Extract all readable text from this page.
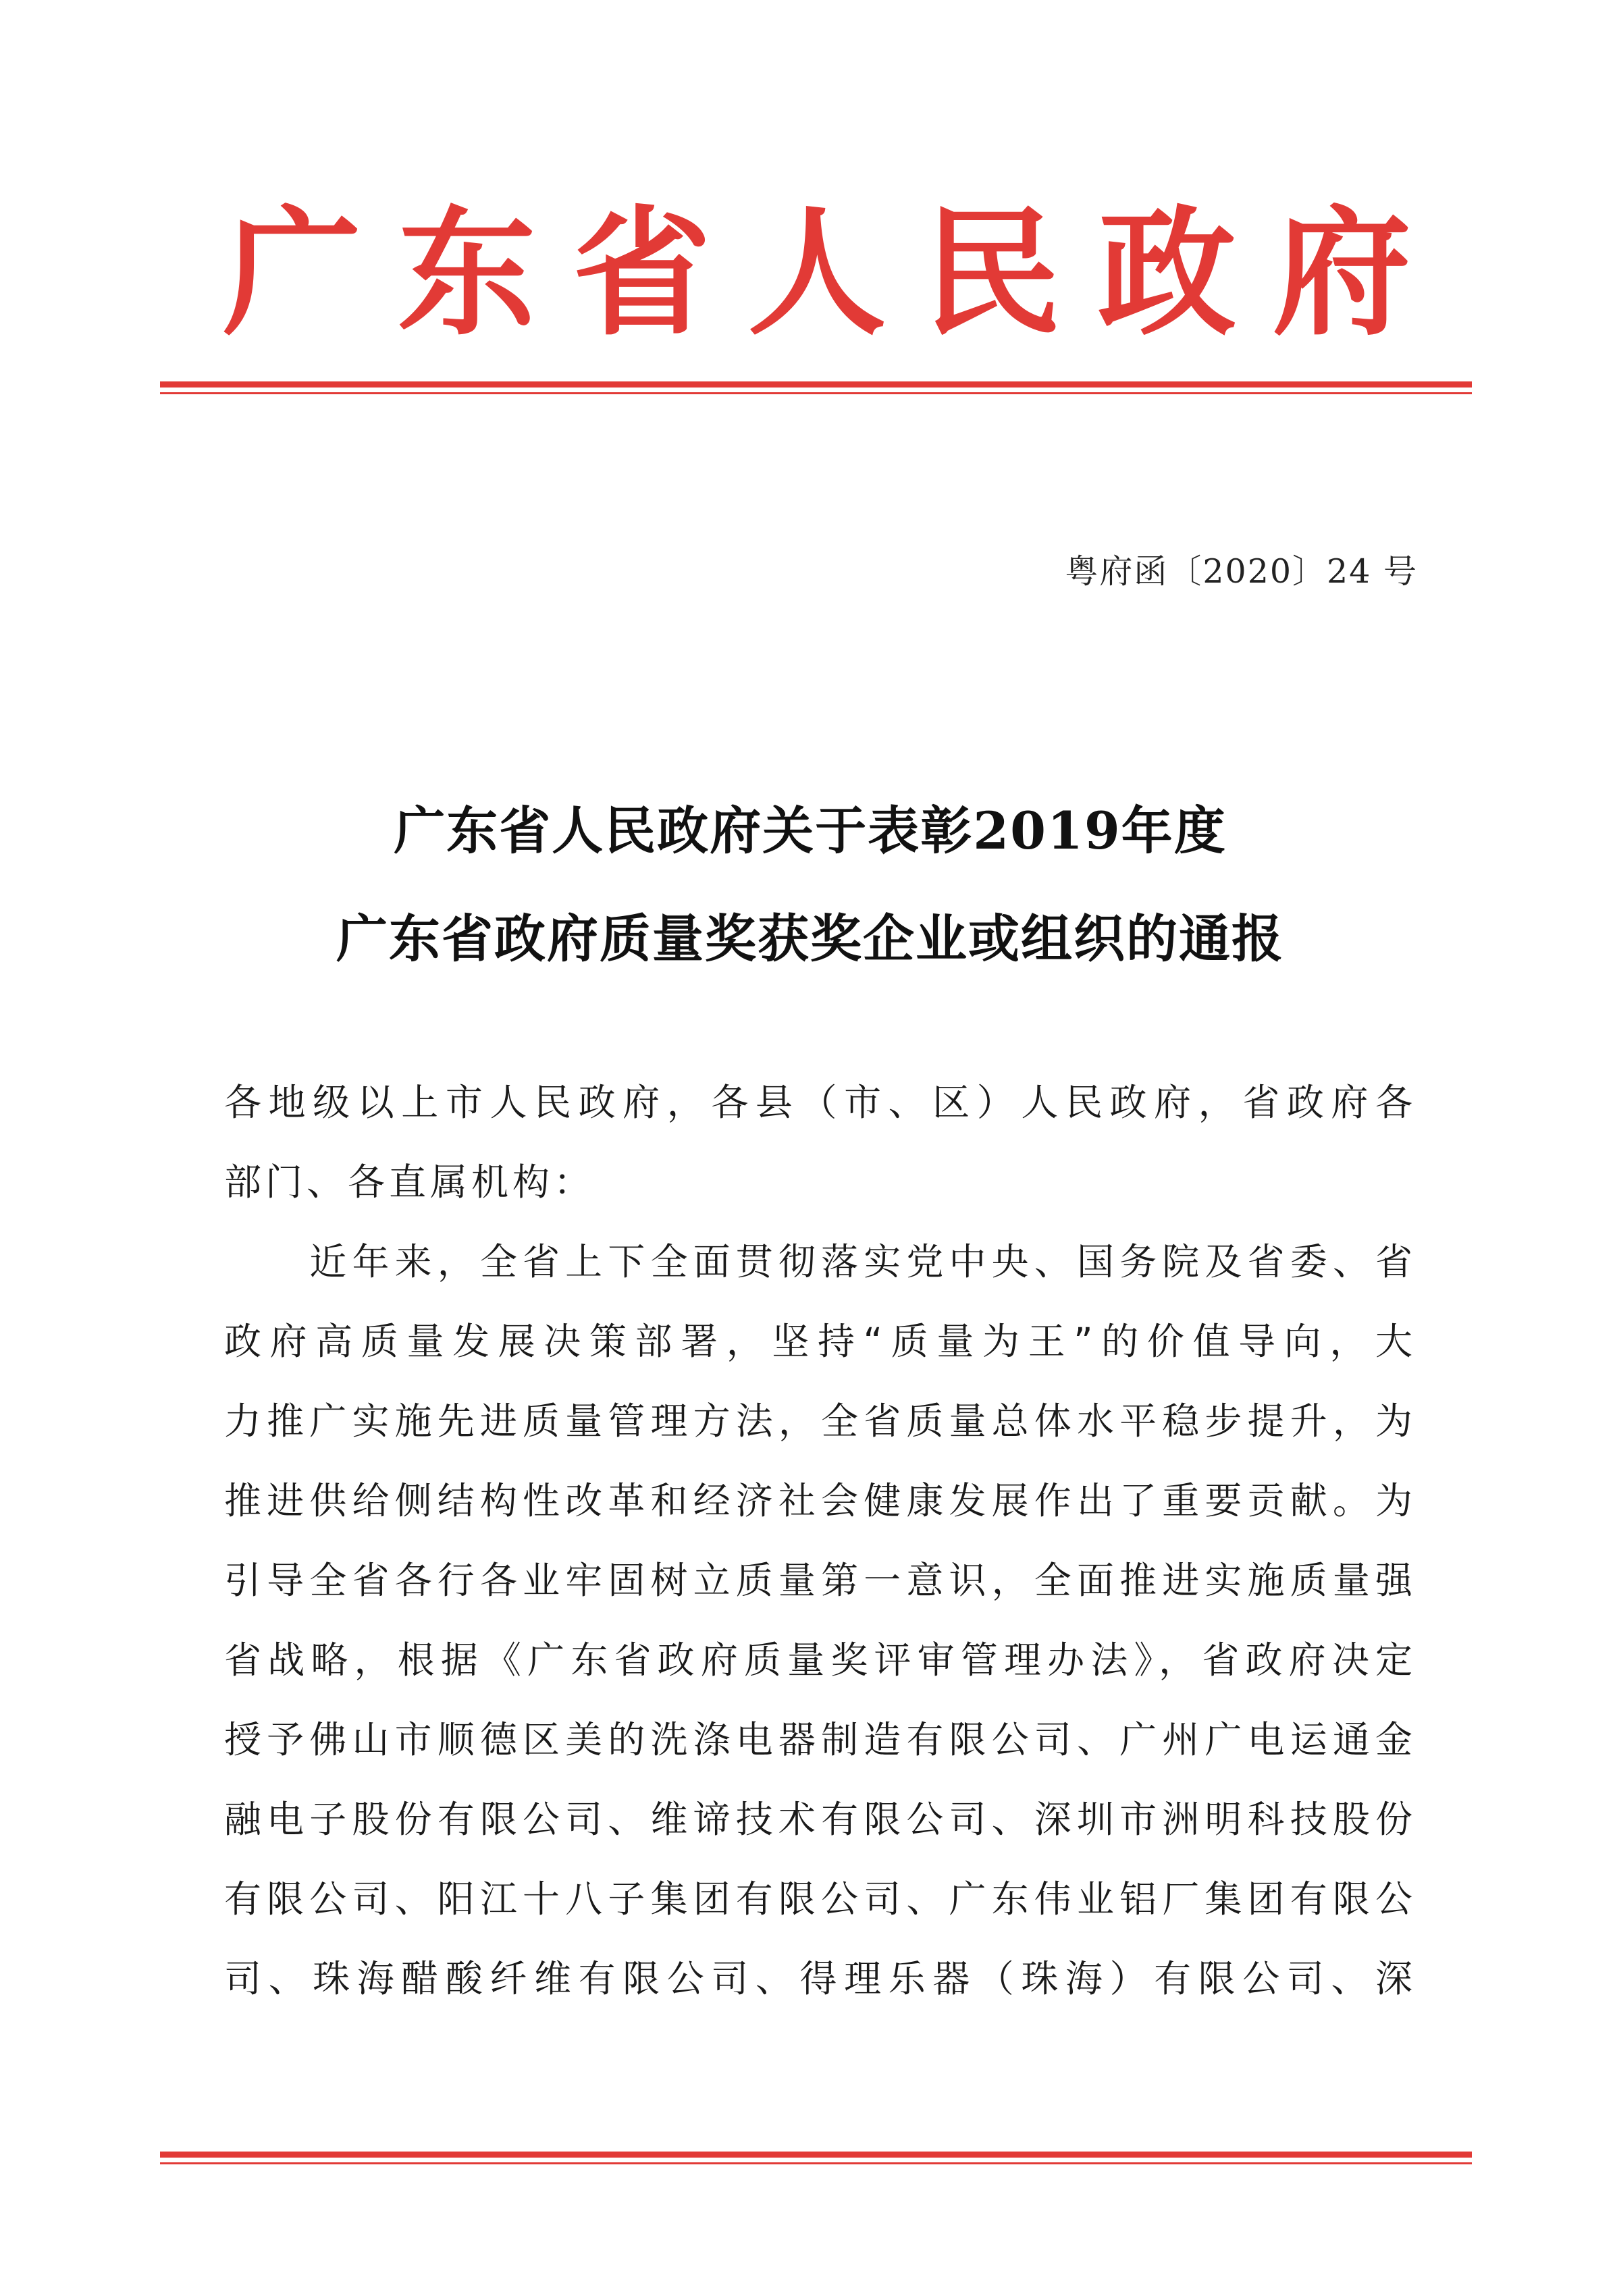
广 东 省 人 民 政 府
粤府函〔2020〕24 号
广东省人民政府关于表彰2019年度
广东省政府质量奖获奖企业或组织的通报
各地级以上市人民政府，各县（市、区）人民政府，省政府各
部门、各直属机构：
　　近年来，全省上下全面贯彻落实党中央、国务院及省委、省
政府高质量发展决策部署，坚持“质量为王”的价值导向，大
力推广实施先进质量管理方法，全省质量总体水平稳步提升，为
推进供给侧结构性改革和经济社会健康发展作出了重要贡献。为
引导全省各行各业牢固树立质量第一意识，全面推进实施质量强
省战略，根据《广东省政府质量奖评审管理办法》，省政府决定
授予佛山市顺德区美的洗涤电器制造有限公司、广州广电运通金
融电子股份有限公司、维谛技术有限公司、深圳市洲明科技股份
有限公司、阳江十八子集团有限公司、广东伟业铝厂集团有限公
司、珠海醋酸纤维有限公司、得理乐器（珠海）有限公司、深
